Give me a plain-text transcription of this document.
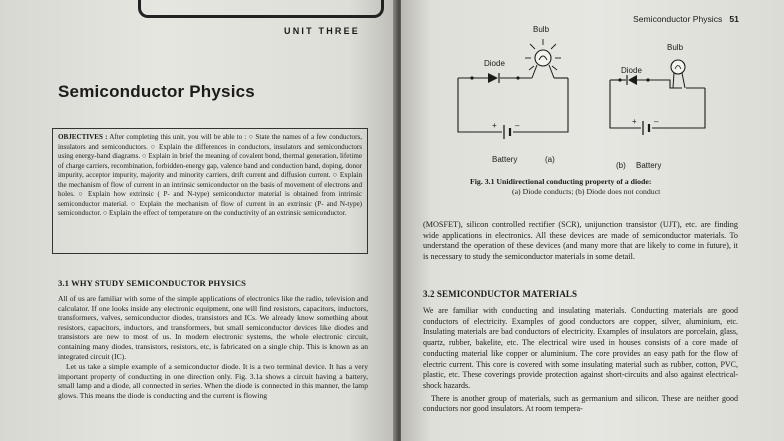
UNIT THREE
Semiconductor Physics
OBJECTIVES : After completing this unit, you will be able to : ○ State the names of a few conductors, insulators and semiconductors. ○ Explain the differences in conductors, insulators and semiconductors using energy-band diagrams. ○ Explain in brief the meaning of covalent bond, thermal generation, lifetime of charge carriers, recombination, forbidden-energy gap, valence band and conduction band, doping, donor impurity, acceptor impurity, majority and minority carriers, drift current and diffusion current. ○ Explain the mechanism of flow of current in an intrinsic semiconductor on the basis of movement of electrons and holes. ○ Explain how extrinsic ( P- and N-type) semiconductor material is obtained from intrinsic semiconductor material. ○ Explain the mechanism of flow of current in an extrinsic (P- and N-type) semiconductor. ○ Explain the effect of temperature on the conductivity of an extrinsic semiconductor.
3.1 WHY STUDY SEMICONDUCTOR PHYSICS

All of us are familiar with some of the simple applications of electronics like the radio, television and calculator. If one looks inside any electronic equipment, one will find resistors, capacitors, inductors, transformers, valves, semiconductor diodes, transistors and ICs. We already know something about resistors, capacitors, inductors, and transformers, but small semiconductor devices like diodes and transistors are new to most of us. In modern electronic systems, the whole electronic circuit, containing many diodes, transistors, resistors, etc, is fabricated on a single chip. This is known as an integrated circuit (IC).

Let us take a simple example of a semiconductor diode. It is a two terminal device. It has a very important property of conducting in one direction only. Fig. 3.1a shows a circuit having a battery, small lamp and a diode, all connected in series. When the diode is connected in this manner, the lamp glows. This means the diode is conducting and the current is flowing

Semiconductor Physics 51
+ –
Diode
Bulb
Battery	(a)
+ –
Diode
Bulb
(b) Battery
Fig. 3.1 Unidirectional conducting property of a diode:
(a) Diode conducts; (b) Diode does not conduct
(MOSFET), silicon controlled rectifier (SCR), unijunction transistor (UJT), etc. are finding wide applications in electronics. All these devices are made of semiconductor materials. To understand the operation of these devices (and many more that are likely to come in future), it is necessary to study the semiconductor materials in some detail.
3.2 SEMICONDUCTOR MATERIALS

We are familiar with conducting and insulating materials. Conducting materials are good conductors of electricity. Examples of good conductors are copper, silver, aluminium, etc. Insulating materials are bad conductors of electricity. Examples of insulators are porcelain, glass, quartz, rubber, bakelite, etc. The electrical wire used in houses consists of a core made of conducting material like copper or aluminium. The core provides an easy path for the flow of electric current. This core is covered with some insulating material such as rubber, cotton, PVC, plastic, etc. These coverings provide protection against short-circuits and also against electrical-shock hazards.

There is another group of materials, such as germanium and silicon. These are neither good conductors nor good insulators. At room tempera-
